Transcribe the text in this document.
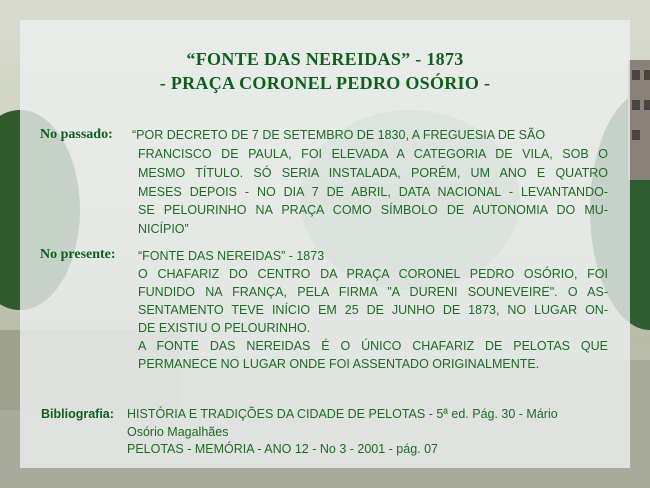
“FONTE DAS NEREIDAS” - 1873
- PRAÇA CORONEL PEDRO OSÓRIO -
No passado: “POR DECRETO DE 7 DE SETEMBRO DE 1830, A FREGUESIA DE SÃO
FRANCISCO DE PAULA, FOI ELEVADA A CATEGORIA DE VILA, SOB O
MESMO TÍTULO. SÓ SERIA INSTALADA, PORÉM, UM ANO E QUATRO
MESES DEPOIS - NO DIA 7 DE ABRIL, DATA NACIONAL - LEVANTANDO-
SE PELOURINHO NA PRAÇA COMO SÍMBOLO DE AUTONOMIA DO MU-
NICÍPIO”
No presente: “FONTE DAS NEREIDAS” - 1873
O CHAFARIZ DO CENTRO DA PRAÇA CORONEL PEDRO OSÓRIO, FOI
FUNDIDO NA FRANÇA, PELA FIRMA "A DURENI SOUNEVEIRE". O AS-
SENTAMENTO TEVE INÍCIO EM 25 DE JUNHO DE 1873, NO LUGAR ON-
DE EXISTIU O PELOURINHO.
A FONTE DAS NEREIDAS É O ÚNICO CHAFARIZ DE PELOTAS QUE
PERMANECE NO LUGAR ONDE FOI ASSENTADO ORIGINALMENTE.
Bibliografia: HISTÓRIA E TRADIÇÕES DA CIDADE DE PELOTAS - 5ª ed. Pág. 30 - Mário
Osório Magalhães
PELOTAS - MEMÓRIA - ANO 12 - No 3 - 2001 - pág. 07
